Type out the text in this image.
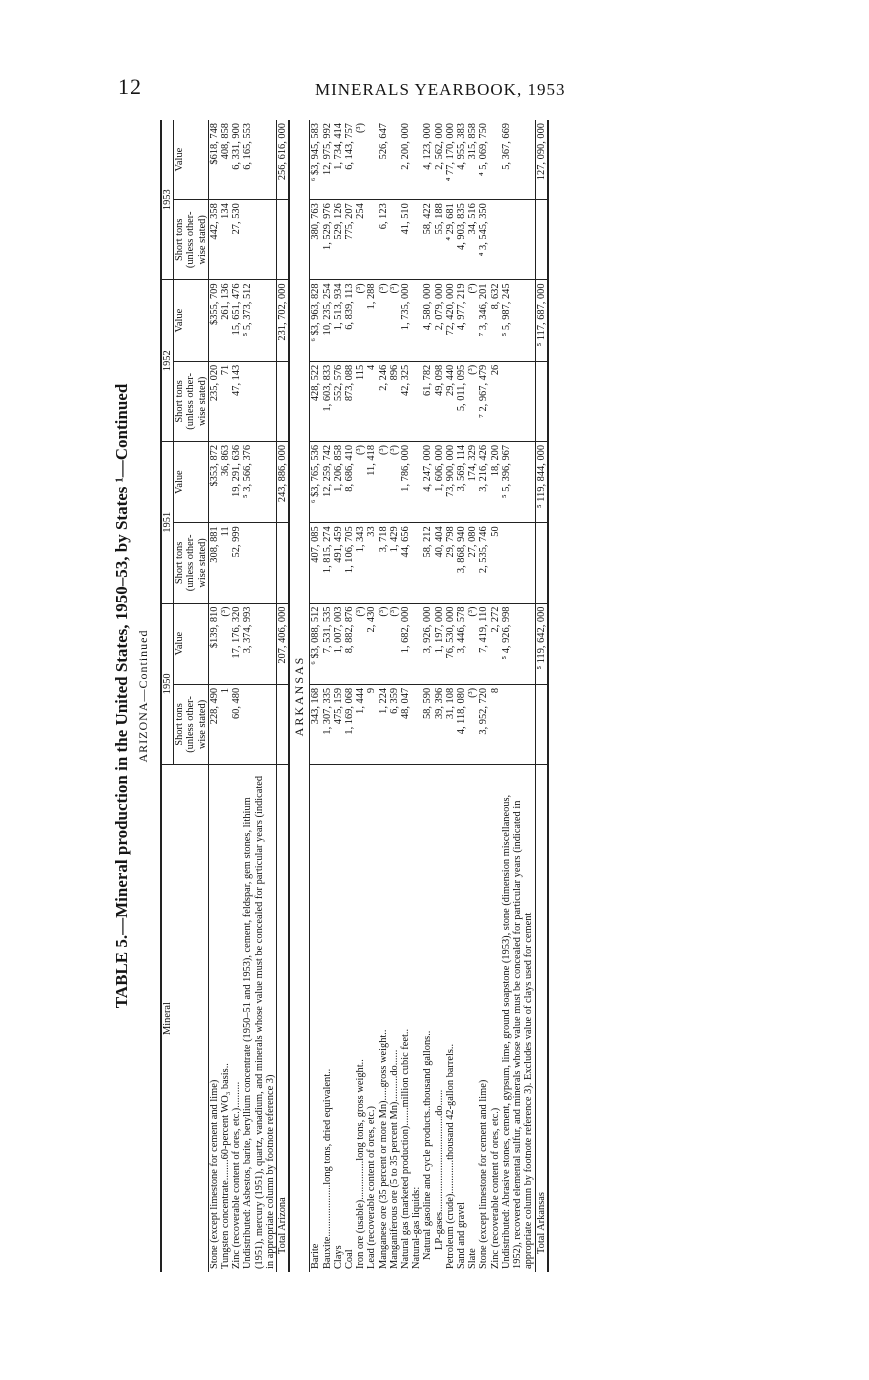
12	MINERALS YEARBOOK, 1953
TABLE 5.—Mineral production in the United States, 1950–53, by States ¹—Continued ARIZONA—Continued
Mineral	1950		1951		1952		1953	
	Short tons (unless other-wise stated)	Value	Short tons (unless other-wise stated)	Value	Short tons (unless other-wise stated)	Value	Short tons (unless other-wise stated)	Value
Stone (except limestone for cement and lime)	228, 490	$139, 810	308, 881	$353, 872	235, 020	$355, 709	442, 358	$618, 748
Tungsten concentrate........60-percent WO₃ basis..	1	(³)	11	36, 863	71	261, 136	134	408, 858
Zinc (recoverable content of ores, etc.)..........	60, 480	17, 176, 320	52, 999	19, 291, 636	47, 143	15, 651, 476	27, 530	6, 331, 900
Undistributed: Asbestos, barite, beryllium concentrate (1950–51 and 1953), cement, feldspar, gem stones, lithium (1951), mercury (1951), quartz, vanadium, and minerals whose value must be concealed for particular years (indicated in appropriate column by footnote reference 3)		3, 374, 993		⁵ 3, 566, 376		⁵ 5, 373, 512		6, 165, 553
Total Arizona		207, 406, 000		243, 886, 000		231, 702, 000		256, 616, 000
ARKANSAS								
Barite	343, 168	⁶ $3, 088, 512	407, 085	⁶ $3, 765, 536	428, 522	⁶ $3, 963, 828	380, 763	⁶ $3, 945, 583
Bauxite....................long tons, dried equivalent..	1, 307, 335	7, 531, 535	1, 815, 274	12, 259, 742	1, 603, 833	10, 235, 254	1, 529, 976	12, 975, 992
Clays	475, 159	1, 007, 003	491, 459	1, 206, 858	552, 576	1, 513, 934	529, 126	1, 734, 414
Coal	1, 169, 068	8, 882, 876	1, 106, 705	8, 686, 410	873, 088	6, 839, 113	775, 207	6, 143, 757
Iron ore (usable)...............long tons, gross weight..	1, 444	(³)	1, 343	(³)	115	(³)	254	(³)
Lead (recoverable content of ores, etc.)	9	2, 430	33	11, 418	4	1, 288		
Manganese ore (35 percent or more Mn).....gross weight..	1, 224	(³)	3, 718	(³)	2, 246	(³)	6, 123	526, 647
Manganiferous ore (5 to 35 percent Mn)..........do......	6, 359	(³)	1, 429	(³)	896	(³)		
Natural gas (marketed production).......million cubic feet..	48, 047	1, 682, 000	44, 656	1, 786, 000	42, 325	1, 735, 000	41, 510	2, 200, 000
Natural-gas liquids:								
Natural gasoline and cycle products..thousand gallons..	58, 590	3, 926, 000	58, 212	4, 247, 000	61, 782	4, 580, 000	58, 422	4, 123, 000
LP-gases.....................................do......	39, 396	1, 197, 000	40, 404	1, 606, 000	49, 098	2, 079, 000	55, 188	2, 562, 000
Petroleum (crude).............thousand 42-gallon barrels..	31, 108	76, 530, 000	29, 798	73, 900, 000	29, 440	72, 420, 000	⁴ 29, 681	⁴ 77, 170, 000
Sand and gravel	4, 118, 080	3, 446, 578	3, 868, 940	3, 569, 114	5, 011, 095	4, 977, 219	4, 903, 835	4, 955, 383
Slate	(³)	(³)	27, 080	174, 329	(³)	(³)	34, 516	315, 858
Stone (except limestone for cement and lime)	3, 952, 720	7, 419, 110	2, 535, 746	3, 216, 426	⁷ 2, 967, 479	⁷ 3, 346, 201	⁴ 3, 545, 350	⁴ 5, 069, 750
Zinc (recoverable content of ores, etc.)	8	2, 272	50	18, 200	26	8, 632		
Undistributed: Abrasive stones, cement, gypsum, lime, ground soapstone (1953), stone (dimension miscellaneous, 1952), recovered elemental sulfur, and minerals whose value must be concealed for particular years (indicated in appropriate column by footnote reference 3). Excludes value of clays used for cement		⁵ 4, 926, 998		⁵ 5, 396, 967		⁵ 5, 987, 245		5, 367, 669
Total Arkansas		⁵ 119, 642, 000		⁵ 119, 844, 000		⁵ 117, 687, 000		127, 090, 000
